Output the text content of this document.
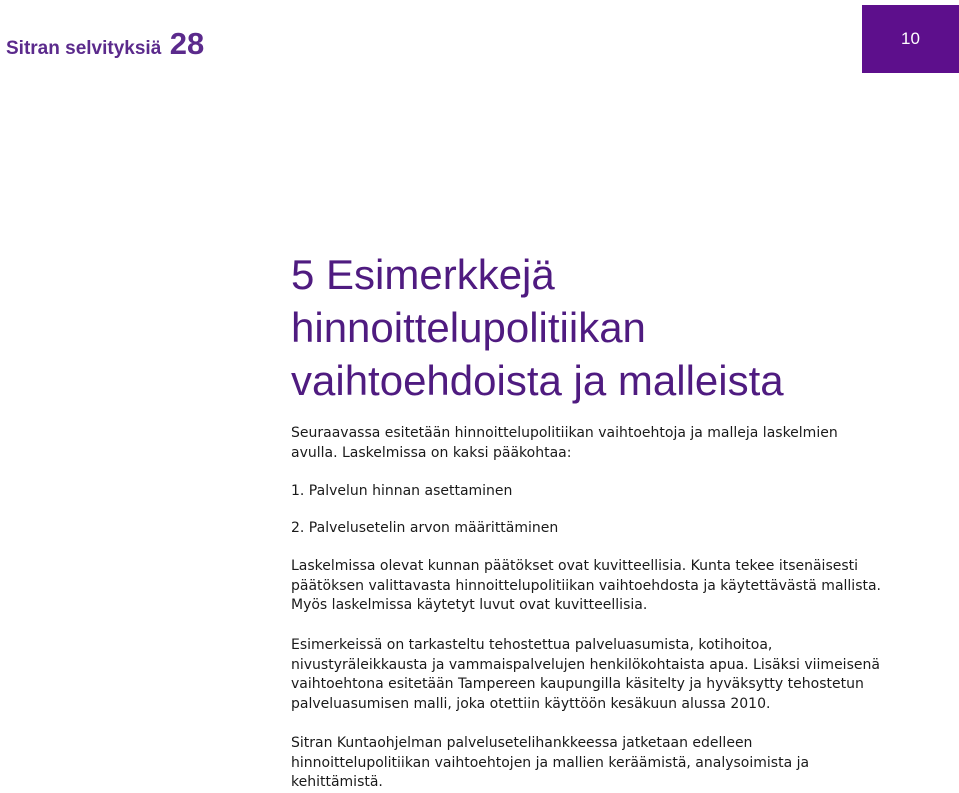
Sitran selvityksiä 28	10
5 Esimerkkejä
hinnoittelupolitiikan
vaihtoehdoista ja malleista

Seuraavassa esitetään hinnoittelupolitiikan vaihtoehtoja ja malleja laskelmien
avulla. Laskelmissa on kaksi pääkohtaa:

1. Palvelun hinnan asettaminen

2. Palvelusetelin arvon määrittäminen

Laskelmissa olevat kunnan päätökset ovat kuvitteellisia. Kunta tekee itsenäisesti
päätöksen valittavasta hinnoittelupolitiikan vaihtoehdosta ja käytettävästä mallista.
Myös laskelmissa käytetyt luvut ovat kuvitteellisia.

Esimerkeissä on tarkasteltu tehostettua palveluasumista, kotihoitoa,
nivustyräleikkausta ja vammaispalvelujen henkilökohtaista apua. Lisäksi viimeisenä
vaihtoehtona esitetään Tampereen kaupungilla käsitelty ja hyväksytty tehostetun
palveluasumisen malli, joka otettiin käyttöön kesäkuun alussa 2010.

Sitran Kuntaohjelman palvelusetelihankkeessa jatketaan edelleen
hinnoittelupolitiikan vaihtoehtojen ja mallien keräämistä, analysoimista ja
kehittämistä.
